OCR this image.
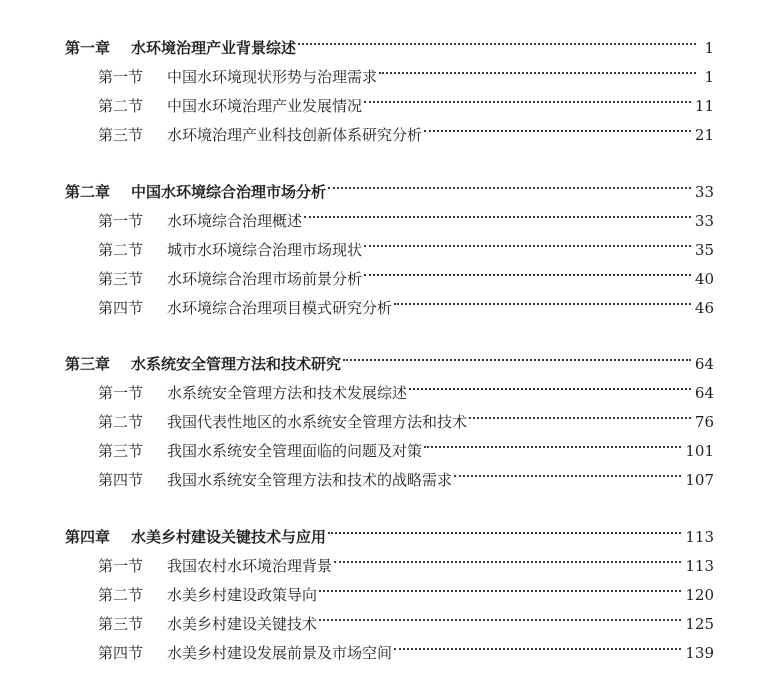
第一章	水环境治理产业背景综述	1
第一节	中国水环境现状形势与治理需求	1
第二节	中国水环境治理产业发展情况	11
第三节	水环境治理产业科技创新体系研究分析	21
第二章	中国水环境综合治理市场分析	33
第一节	水环境综合治理概述	33
第二节	城市水环境综合治理市场现状	35
第三节	水环境综合治理市场前景分析	40
第四节	水环境综合治理项目模式研究分析	46
第三章	水系统安全管理方法和技术研究	64
第一节	水系统安全管理方法和技术发展综述	64
第二节	我国代表性地区的水系统安全管理方法和技术	76
第三节	我国水系统安全管理面临的问题及对策	101
第四节	我国水系统安全管理方法和技术的战略需求	107
第四章	水美乡村建设关键技术与应用	113
第一节	我国农村水环境治理背景	113
第二节	水美乡村建设政策导向	120
第三节	水美乡村建设关键技术	125
第四节	水美乡村建设发展前景及市场空间	139
